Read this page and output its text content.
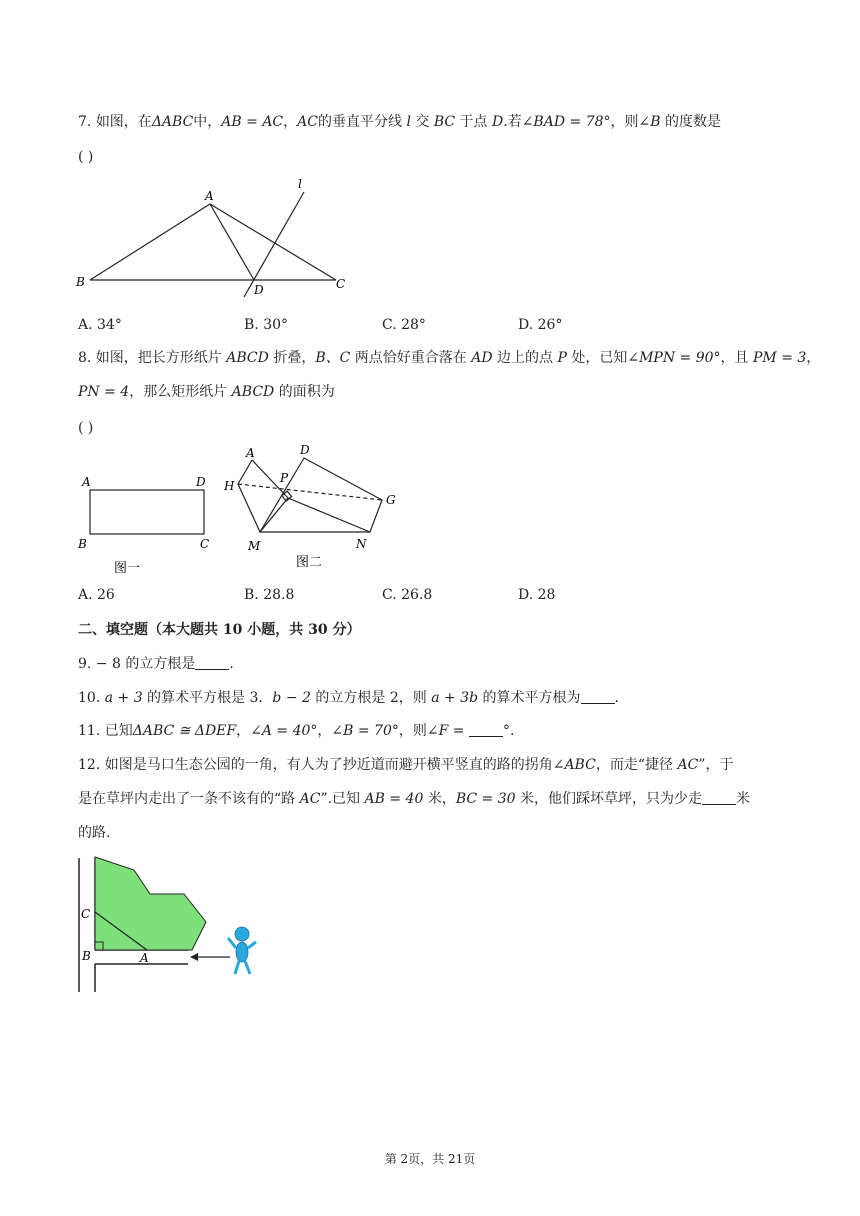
7. 如图，在ΔABC中，AB = AC，AC的垂直平分线 l 交 BC 于点 D.若∠BAD = 78°，则∠B 的度数是
( )
A
B	C
D
l
A. 34°	B. 30°	C. 28°	D. 26°
8. 如图，把长方形纸片 ABCD 折叠，B、C 两点恰好重合落在 AD 边上的点 P 处，已知∠MPN = 90°，且 PM = 3，
PN = 4，那么矩形纸片 ABCD 的面积为
( )
A	D
B	C
图一
A	D
H
P
G
M	N
图二
A. 26	B. 28.8	C. 26.8	D. 28
二、填空题（本大题共 10 小题，共 30 分）
9. − 8 的立方根是 .
10. a + 3 的算术平方根是 3．b − 2 的立方根是 2，则 a + 3b 的算术平方根为 .
11. 已知ΔABC ≅ ΔDEF，∠A = 40°，∠B = 70°，则∠F =	°.
12. 如图是马口生态公园的一角，有人为了抄近道而避开横平竖直的路的拐角∠ABC，而走“捷径 AC”，于
是在草坪内走出了一条不该有的“路 AC”.已知 AB = 40 米，BC = 30 米，他们踩坏草坪，只为少走 米
的路.
C
B	A
第 2页，共 21页
